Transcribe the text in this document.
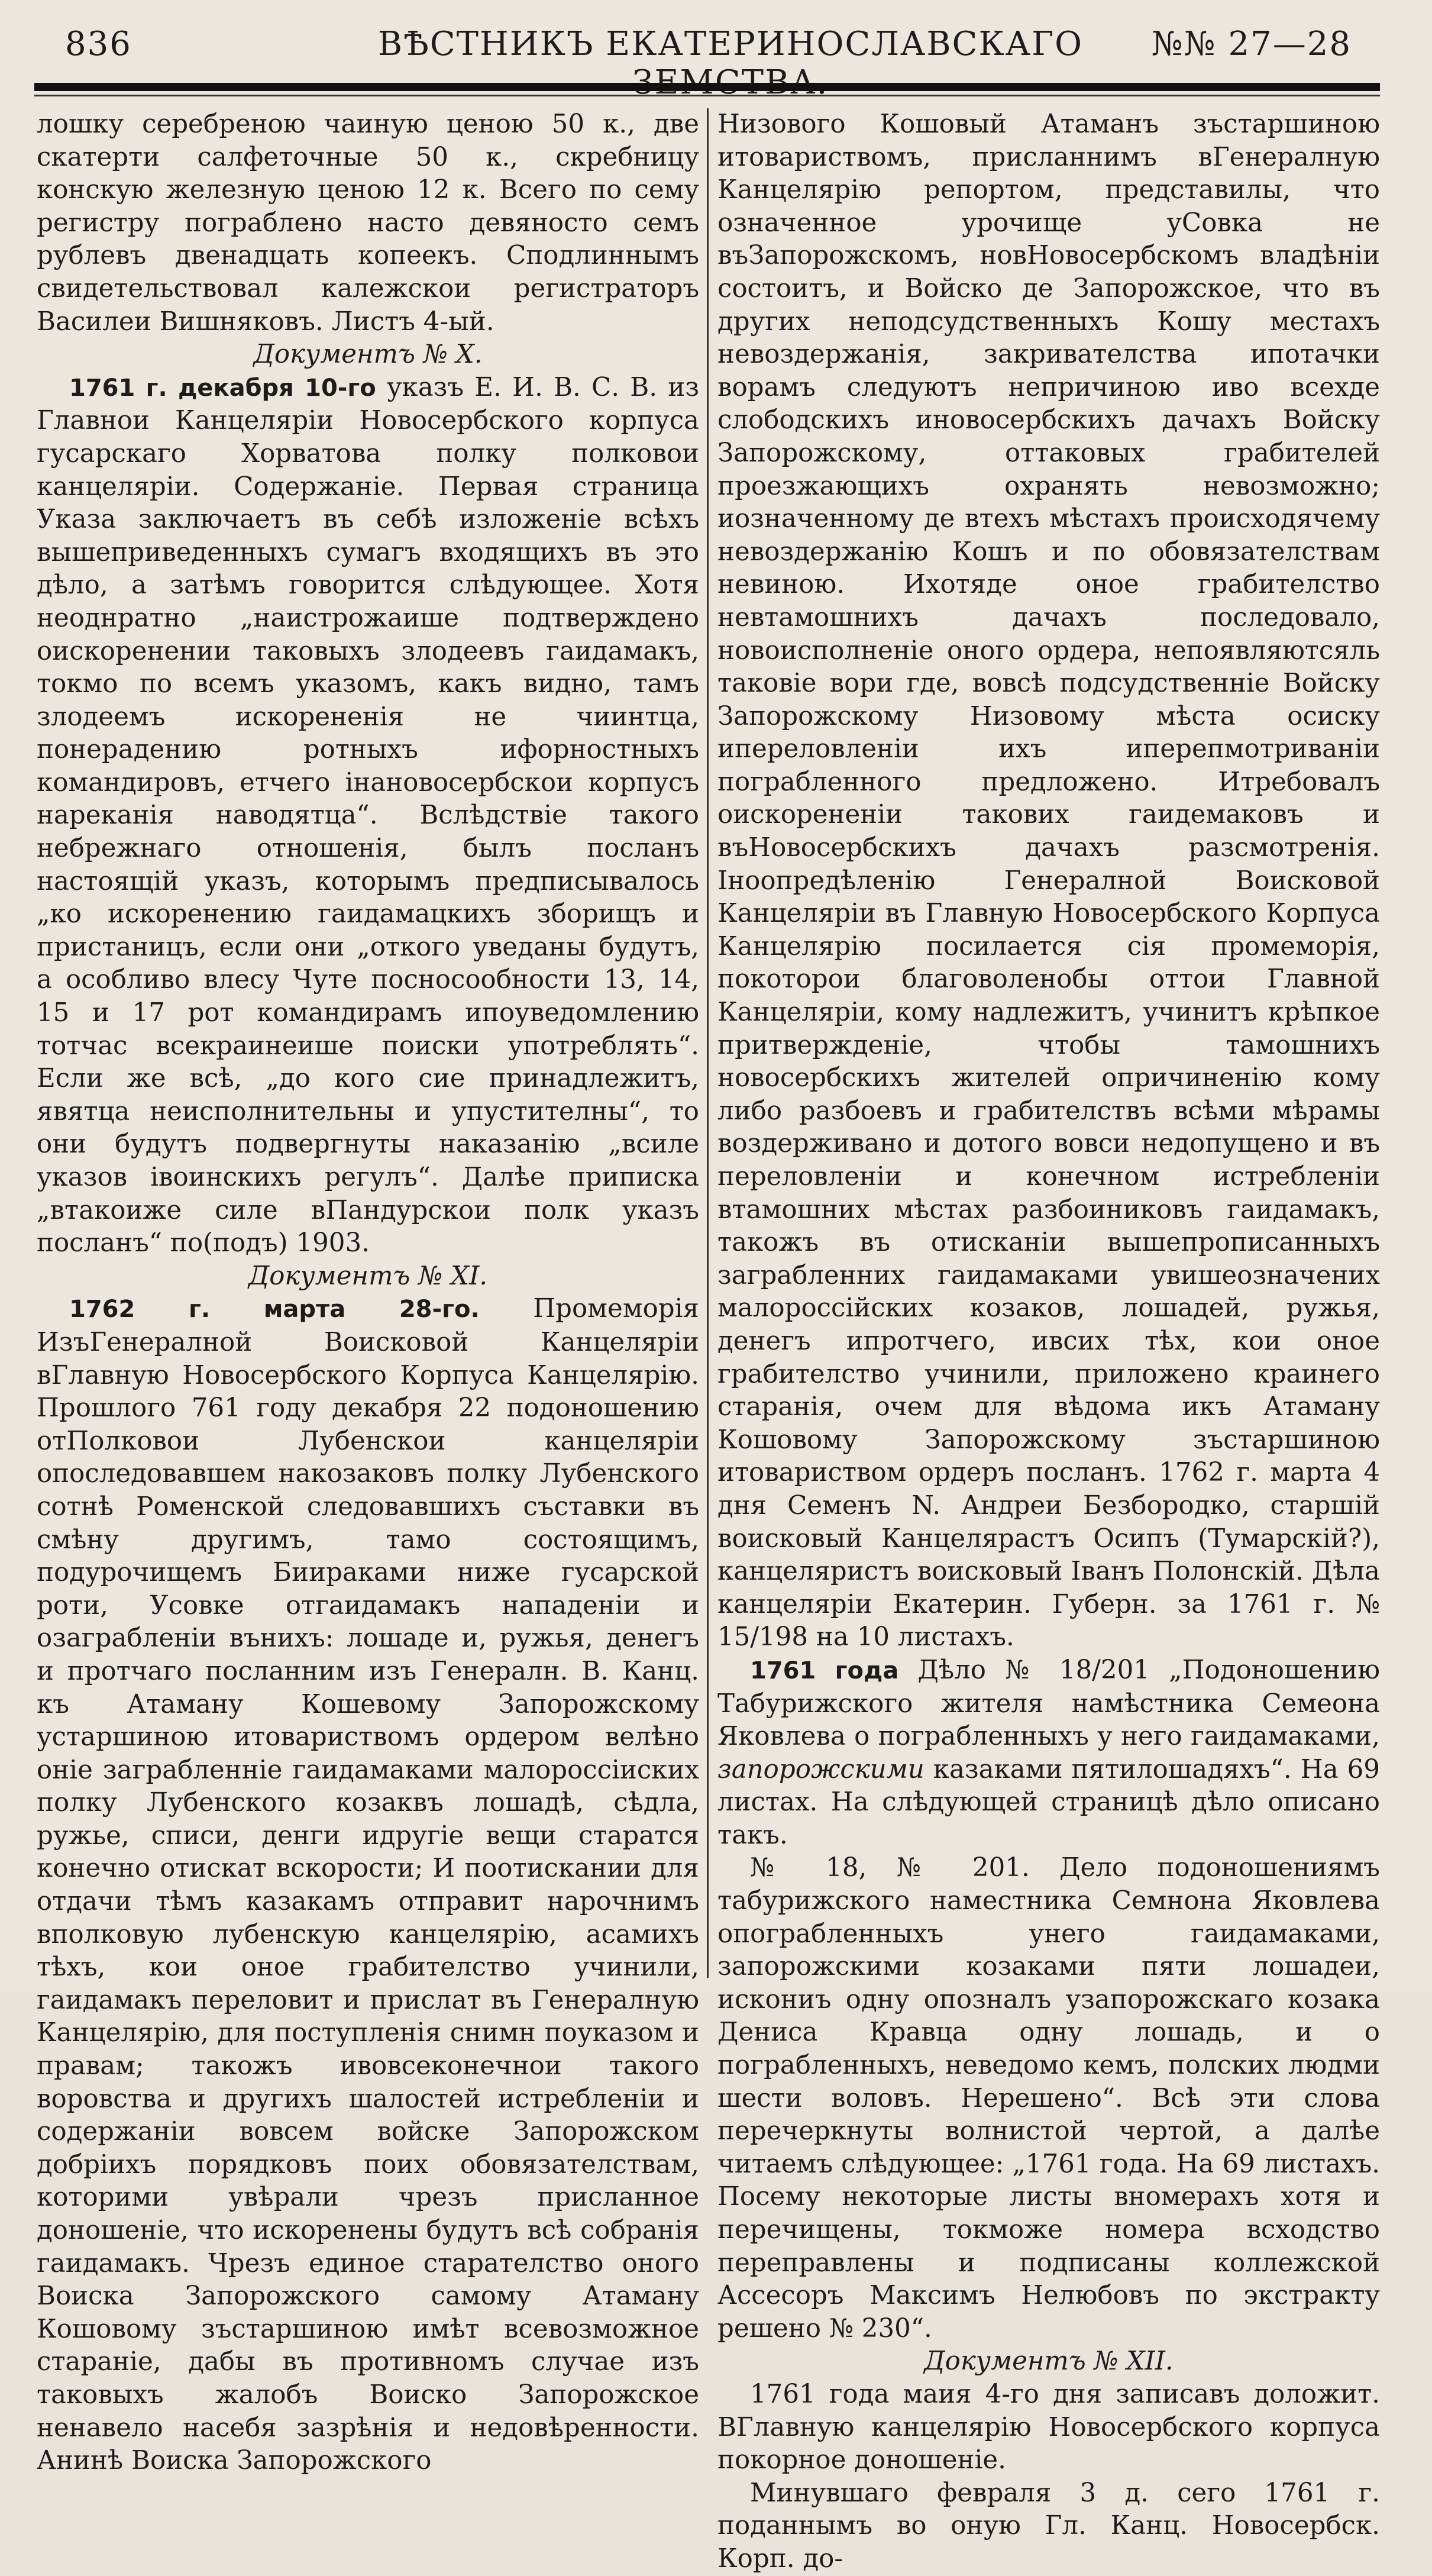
836	ВѢСТНИКЪ ЕКАТЕРИНОСЛАВСКАГО	№№ 27—28

лошку серебреною чаиную ценою 50 к., две скатерти салфеточные 50 к., скребницу конскую железную ценою 12 к. Всего по сему регистру пограблено насто девяносто семъ рублевъ двенадцать копеекъ. Сподлиннымъ свидетельствовал калежскои регистраторъ Василеи Вишняковъ. Листъ 4-ый.

Документъ № X.

1761 г. декабря 10-го указъ Е. И. В. С. В. из Главнои Канцелярiи Новосербского корпуса гусарскаго Хорватова полку полковои канцелярiи. Содержанiе. Первая страница Указа заключаетъ въ себѣ изложенiе всѣхъ вышеприведенныхъ сумагъ входящихъ въ это дѣло, а затѣмъ говорится слѣдующее. Хотя неоднратно „наистрожаише подтверждено оискоренении таковыхъ злодеевъ гаидамакъ, токмо по всемъ указомъ, какъ видно, тамъ злодеемъ искорененiя не чиинтца, понерадению ротныхъ ифорностныхъ командировъ, етчего iнановосербскои корпусъ нареканiя наводятца“. Вслѣдствiе такого небрежнаго отношенiя, былъ посланъ настоящiй указъ, которымъ предписывалось „ко искоренению гаидамацкихъ зборищъ и пристаницъ, если они „откого уведаны будутъ, а особливо влесу Чуте посносообности 13, 14, 15 и 17 рот командирамъ ипоуведомлению тотчас всекраинеише поиски употреблять“. Если же всѣ, „до кого сие принадлежитъ, явятца неисполнительны и упустителны“, то они будутъ подвергнуты наказанiю „всиле указов iвоинскихъ регулъ“. Далѣе приписка „втакоиже силе вПандурскои полк указъ посланъ“ по(подъ) 1903.

Документъ № XI.

1762 г. марта 28-го. Промеморiя ИзъГенералной Воисковой Канцелярiи вГлавную Новосербского Корпуса Канцелярiю. Прошлого 761 году декабря 22 подоношению отПолковои Лубенскои канцелярiи опоследовавшем накозаковъ полку Лубенского сотнѣ Роменской следовавшихъ съставки въ смѣну другимъ, тамо состоящимъ, подурочищемъ Биираками ниже гусарской роти, Усовке отгаидамакъ нападенiи и озаграбленiи вънихъ: лошаде и, ружья, денегъ и протчаго посланним изъ Генералн. В. Канц. къ Атаману Кошевому Запорожскому устаршиною итовариствомъ ордером велѣно онiе заграбленнiе гаидамаками малороссiиских полку Лубенского козаквъ лошадѣ, сѣдла, ружье, списи, денги идругiе вещи старатся конечно отискат вскорости; И поотискании для отдачи тѣмъ казакамъ отправит нарочнимъ вполковую лубенскую канцелярiю, асамихъ тѣхъ, кои оное грабителство учинили, гаидамакъ переловит и прислат въ Генералную Канцелярiю, для поступленiя снимн поуказом и правам; такожъ ивовсеконечнои такого воровства и другихъ шалостей истребленiи и содержанiи вовсем войске Запорожском добрiихъ порядковъ поих обовязателствам, которими увѣрали чрезъ присланное доношенiе, что искоренены будутъ всѣ собранiя гаидамакъ. Чрезъ единое старателство оного Воиска Запорожского самому Атаману Кошовому зъстаршиною имѣт всевозможное старанiе, дабы въ противномъ случае изъ таковыхъ жалобъ Воиско Запорожское ненавело насебя зазрѣнiя и недовѣренности. Анинѣ Воиска Запорожского

Низового Кошовый Атаманъ зъстаршиною итовариствомъ, присланнимъ вГенералную Канцелярiю репортом, представилы, что означенное урочище уСовка не въЗапорожскомъ, новНовосербскомъ владѣнiи состоитъ, и Войско де Запорожское, что въ других неподсудственныхъ Кошу местахъ невоздержанiя, закривателства ипотачки ворамъ следуютъ непричиною иво всехде слободскихъ иновосербскихъ дачахъ Войску Запорожскому, оттаковых грабителей проезжающихъ охранять невозможно; иозначенному де втехъ мѣстахъ происходячему невоздержанiю Кошъ и по обовязателствам невиною. Ихотяде оное грабителство невтамошнихъ дачахъ последовало, новоисполненiе оного ордера, непоявляютсяль таковiе вори где, вовсѣ подсудственнiе Войску Запорожскому Низовому мѣста осиску ипереловленiи ихъ иперепмотриванiи пограбленного предложено. Итребовалъ оискорененiи такових гаидемаковъ и въНовосербскихъ дачахъ разсмотренiя. Iноопредѣленiю Генералной Воисковой Канцелярiи въ Главную Новосербского Корпуса Канцелярiю посилается сiя промеморiя, покоторои благоволенобы оттои Главной Канцелярiи, кому надлежитъ, учинитъ крѣпкое притвержденiе, чтобы тамошнихъ новосербскихъ жителей опричиненiю кому либо разбоевъ и грабителствъ всѣми мѣрамы воздерживано и дотого вовси недопущено и въ переловленiи и конечном истребленiи втамошних мѣстах разбоиниковъ гаидамакъ, такожъ въ отисканiи вышепрописанныхъ заграбленних гаидамаками увишеозначених малороссiйских козаков, лошадей, ружья, денегъ ипротчего, ивсих тѣх, кои оное грабителство учинили, приложено краинего старанiя, очем для вѣдома икъ Атаману Кошовому Запорожскому зъстаршиною итовариством ордеръ посланъ. 1762 г. марта 4 дня Семенъ N. Андреи Безбородко, старшiй воисковый Канцелярастъ Осипъ (Тумарскiй?), канцеляристъ воисковый Iванъ Полонскiй. Дѣла канцелярiи Екатерин. Губерн. за 1761 г. № 15/198 на 10 листахъ.

1761 года Дѣло № 18/201 „Подоношению Табурижского жителя намѣстника Семеона Яковлева о пограбленныхъ у него гаидамаками, запорожскими казаками пятилошадяхъ“. На 69 листах. На слѣдующей страницѣ дѣло описано такъ.

№ 18, № 201. Дело подоношениямъ табурижского наместника Семнона Яковлева опограбленныхъ унего гаидамаками, запорожскими козаками пяти лошадеи, искониъ одну опозналъ узапорожскаго козака Дениса Кравца одну лошадь, и о пограбленныхъ, неведомо кемъ, полских людми шести воловъ. Нерешено“. Всѣ эти слова перечеркнуты волнистой чертой, а далѣе читаемъ слѣдующее: „1761 года. На 69 листахъ. Посему некоторые листы вномерахъ хотя и перечищены, токможе номера всходство переправлены и подписаны коллежской Ассесоръ Максимъ Нелюбовъ по экстракту решено № 230“.

Документъ № XII.

1761 года маия 4-го дня записавъ доложит. ВГлавную канцелярiю Новосербского корпуса покорное доношенiе.

Минувшаго февраля 3 д. сего 1761 г. поданнымъ во оную Гл. Канц. Новосербск. Корп. до-
